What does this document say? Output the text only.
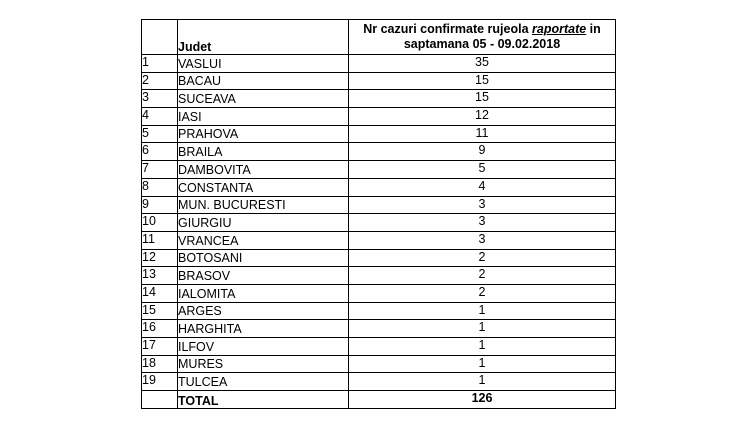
	Judet	Nr cazuri confirmate rujeola raportate in
saptamana 05 - 09.02.2018
1	VASLUI	35
2	BACAU	15
3	SUCEAVA	15
4	IASI	12
5	PRAHOVA	11
6	BRAILA	9
7	DAMBOVITA	5
8	CONSTANTA	4
9	MUN. BUCURESTI	3
10	GIURGIU	3
11	VRANCEA	3
12	BOTOSANI	2
13	BRASOV	2
14	IALOMITA	2
15	ARGES	1
16	HARGHITA	1
17	ILFOV	1
18	MURES	1
19	TULCEA	1
	TOTAL	126
